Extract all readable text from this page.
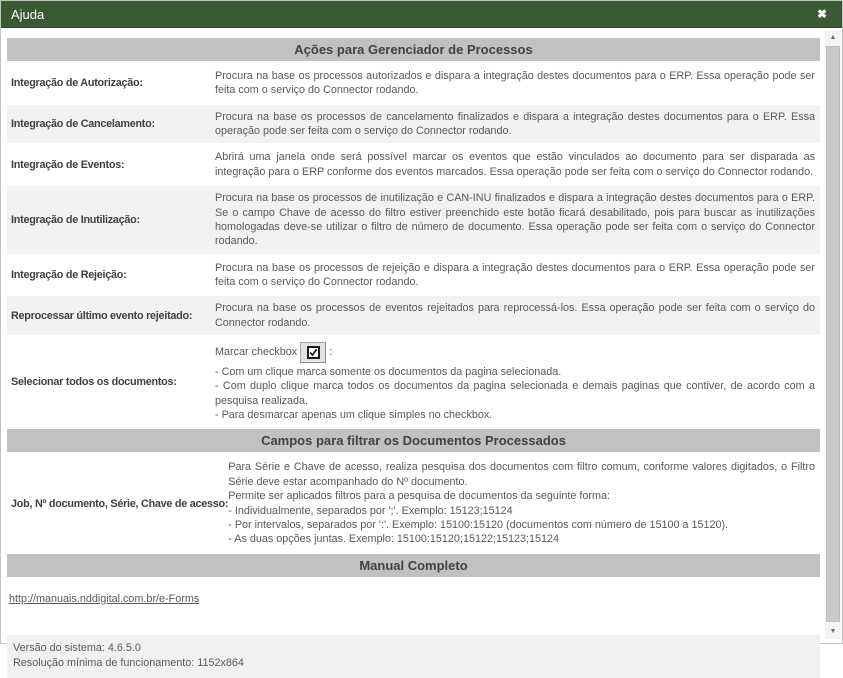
Ajuda	✖
Ações para Gerenciador de Processos
Integração de Autorização:
Procura na base os processos autorizados e dispara a integração destes documentos para o ERP. Essa operação pode ser feita com o serviço do Connector rodando.
Integração de Cancelamento:
Procura na base os processos de cancelamento finalizados e dispara a integração destes documentos para o ERP. Essa operação pode ser feita com o serviço do Connector rodando.
Integração de Eventos:
Abrirá uma janela onde será possível marcar os eventos que estão vinculados ao documento para ser disparada as integração para o ERP conforme dos eventos marcados. Essa operação pode ser feita com o serviço do Connector rodando.
Integração de Inutilização:
Procura na base os processos de inutilização e CAN-INU finalizados e dispara a integração destes documentos para o ERP. Se o campo Chave de acesso do filtro estiver preenchido este botão ficará desabilitado, pois para buscar as inutilizações homologadas deve-se utilizar o filtro de número de documento. Essa operação pode ser feita com o serviço do Connector rodando.
Integração de Rejeição:
Procura na base os processos de rejeição e dispara a integração destes documentos para o ERP. Essa operação pode ser feita com o serviço do Connector rodando.
Reprocessar último evento rejeitado:
Procura na base os processos de eventos rejeitados para reprocessá-los. Essa operação pode ser feita com o serviço do Connector rodando.
Selecionar todos os documentos:
Marcar checkbox	:
- Com um clique marca somente os documentos da pagina selecionada.
- Com duplo clique marca todos os documentos da pagina selecionada e demais paginas que contiver, de acordo com a pesquisa realizada.
- Para desmarcar apenas um clique simples no checkbox.
Campos para filtrar os Documentos Processados
Job, Nº documento, Série, Chave de acesso:
Para Série e Chave de acesso, realiza pesquisa dos documentos com filtro comum, conforme valores digitados, o Filtro Série deve estar acompanhado do Nº documento.
Permite ser aplicados filtros para a pesquisa de documentos da seguinte forma:
- Individualmente, separados por ';'. Exemplo: 15123;15124
- Por intervalos, separados por ':'. Exemplo: 15100:15120 (documentos com número de 15100 a 15120).
- As duas opções juntas. Exemplo: 15100:15120;15122;15123;15124
Manual Completo
http://manuais.nddigital.com.br/e-Forms
Versão do sistema: 4.6.5.0
Resolução mínima de funcionamento: 1152x864
▲
▼
